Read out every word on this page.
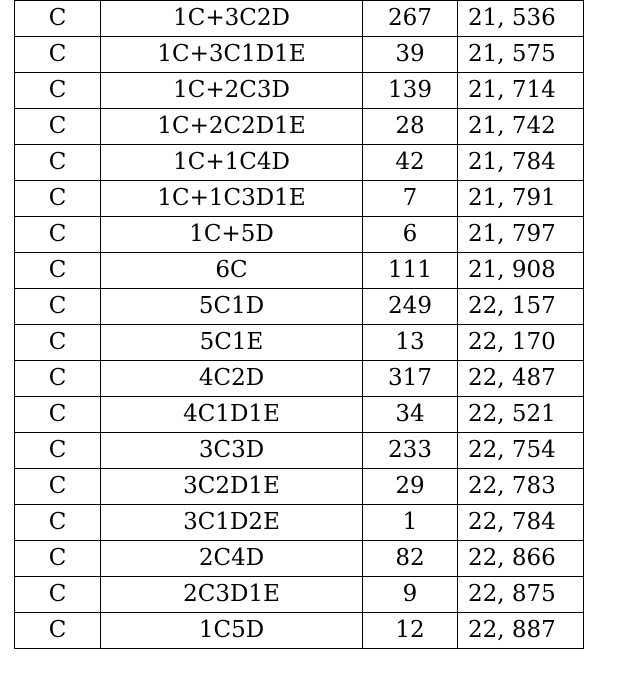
C	1C+3C2D	267	21, 536
C	1C+3C1D1E	39	21, 575
C	1C+2C3D	139	21, 714
C	1C+2C2D1E	28	21, 742
C	1C+1C4D	42	21, 784
C	1C+1C3D1E	7	21, 791
C	1C+5D	6	21, 797
C	6C	111	21, 908
C	5C1D	249	22, 157
C	5C1E	13	22, 170
C	4C2D	317	22, 487
C	4C1D1E	34	22, 521
C	3C3D	233	22, 754
C	3C2D1E	29	22, 783
C	3C1D2E	1	22, 784
C	2C4D	82	22, 866
C	2C3D1E	9	22, 875
C	1C5D	12	22, 887
